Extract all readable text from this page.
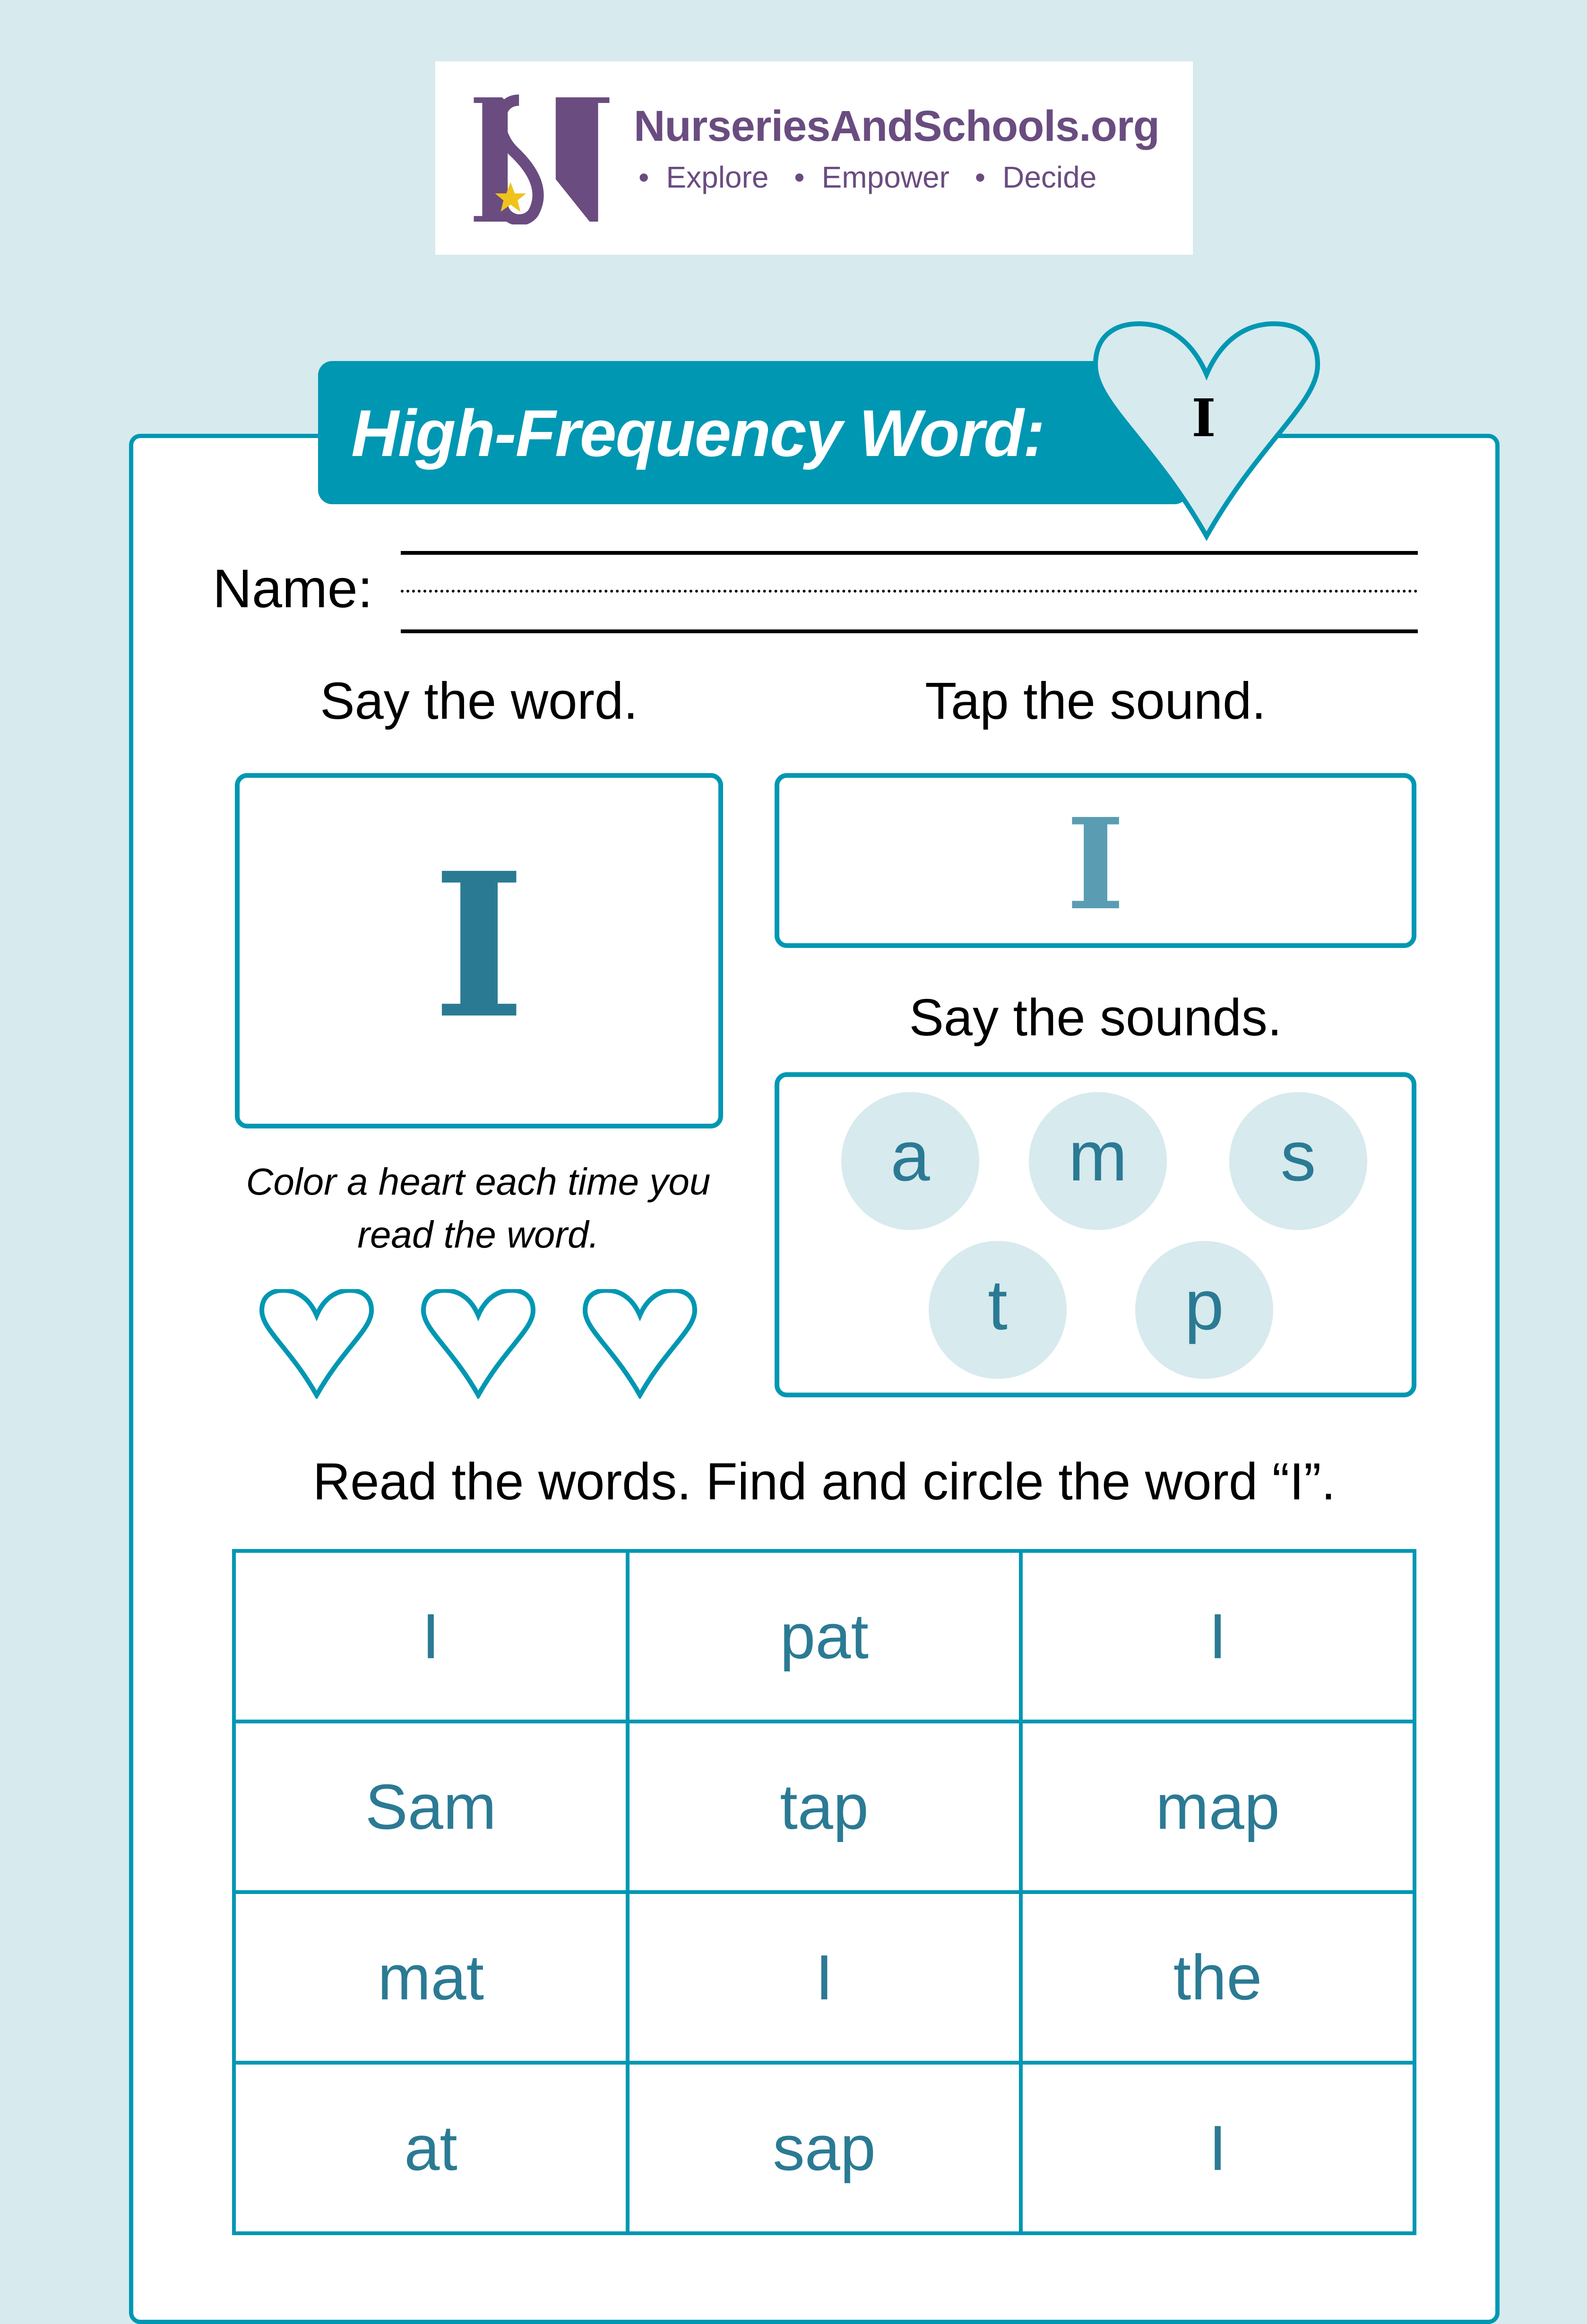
NurseriesAndSchools.org
• Explore • Empower • Decide
High-Frequency Word:	I
Name:
Say the word.	Tap the sound.
I	I
Say the sounds.
a	m	s
t	p
Color a heart each time you
read the word.
Read the words. Find and circle the word “I”.
I	pat	I
Sam	tap	map
mat	I	the
at	sap	I
